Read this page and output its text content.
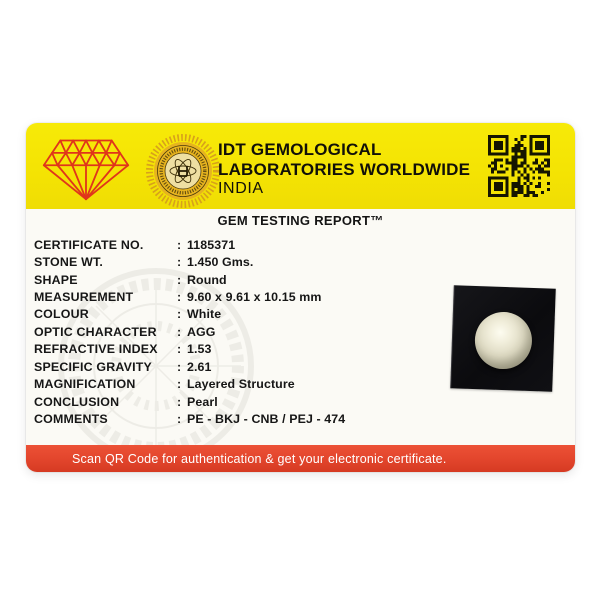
IDT GEMOLOGICAL
LABORATORIES WORLDWIDE
INDIA
GEM TESTING REPORT™
CERTIFICATE NO.	: 1185371
STONE WT.	: 1.450 Gms.
SHAPE	: Round
MEASUREMENT	: 9.60 x 9.61 x 10.15 mm
COLOUR	: White
OPTIC CHARACTER	: AGG
REFRACTIVE INDEX	: 1.53
SPECIFIC GRAVITY	: 2.61
MAGNIFICATION	: Layered Structure
CONCLUSION	: Pearl
COMMENTS	: PE - BKJ - CNB / PEJ - 474
Scan QR Code for authentication & get your electronic certificate.
